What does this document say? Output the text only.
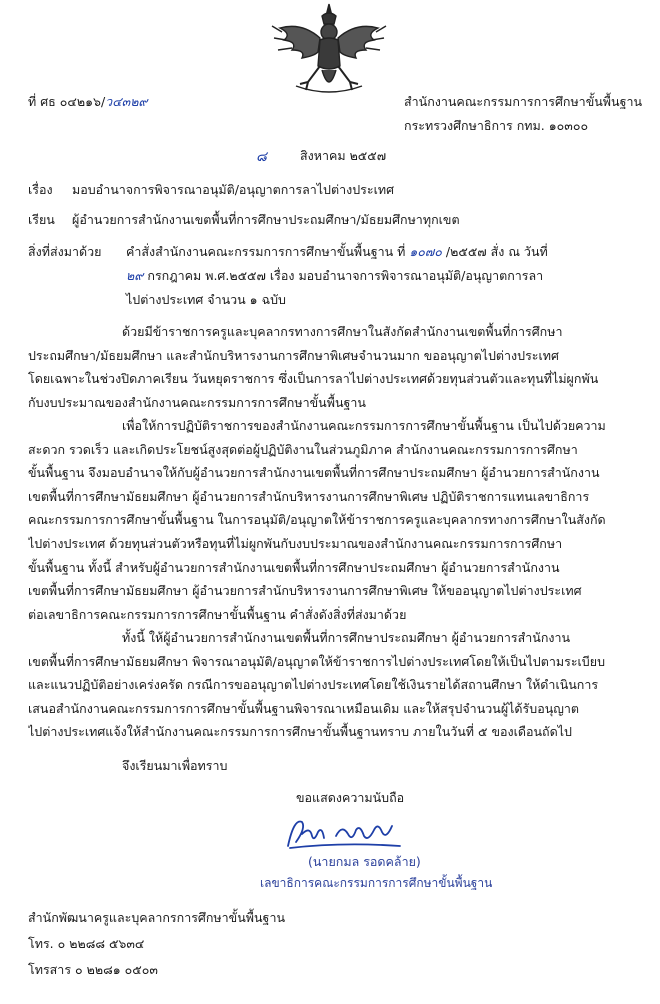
ที่ ศธ ๐๔๒๑๖/ว๔๓๒๙	สำนักงานคณะกรรมการการศึกษาขั้นพื้นฐาน
กระทรวงศึกษาธิการ กทม. ๑๐๓๐๐
๘	สิงหาคม ๒๕๕๗
เรื่อง มอบอำนาจการพิจารณาอนุมัติ/อนุญาตการลาไปต่างประเทศ
เรียน ผู้อำนวยการสำนักงานเขตพื้นที่การศึกษาประถมศึกษา/มัธยมศึกษาทุกเขต
สิ่งที่ส่งมาด้วย คำสั่งสำนักงานคณะกรรมการการศึกษาขั้นพื้นฐาน ที่ ๑๐๗๐ /๒๕๕๗ สั่ง ณ วันที่
๒๙ กรกฎาคม พ.ศ.๒๕๕๗ เรื่อง มอบอำนาจการพิจารณาอนุมัติ/อนุญาตการลา
ไปต่างประเทศ จำนวน ๑ ฉบับ
ด้วยมีข้าราชการครูและบุคลากรทางการศึกษาในสังกัดสำนักงานเขตพื้นที่การศึกษา
ประถมศึกษา/มัธยมศึกษา และสำนักบริหารงานการศึกษาพิเศษจำนวนมาก ขออนุญาตไปต่างประเทศ
โดยเฉพาะในช่วงปิดภาคเรียน วันหยุดราชการ ซึ่งเป็นการลาไปต่างประเทศด้วยทุนส่วนตัวและทุนที่ไม่ผูกพัน
กับงบประมาณของสำนักงานคณะกรรมการการศึกษาขั้นพื้นฐาน
เพื่อให้การปฏิบัติราชการของสำนักงานคณะกรรมการการศึกษาขั้นพื้นฐาน เป็นไปด้วยความ
สะดวก รวดเร็ว และเกิดประโยชน์สูงสุดต่อผู้ปฏิบัติงานในส่วนภูมิภาค สำนักงานคณะกรรมการการศึกษา
ขั้นพื้นฐาน จึงมอบอำนาจให้กับผู้อำนวยการสำนักงานเขตพื้นที่การศึกษาประถมศึกษา ผู้อำนวยการสำนักงาน
เขตพื้นที่การศึกษามัธยมศึกษา ผู้อำนวยการสำนักบริหารงานการศึกษาพิเศษ ปฏิบัติราชการแทนเลขาธิการ
คณะกรรมการการศึกษาขั้นพื้นฐาน ในการอนุมัติ/อนุญาตให้ข้าราชการครูและบุคลากรทางการศึกษาในสังกัด
ไปต่างประเทศ ด้วยทุนส่วนตัวหรือทุนที่ไม่ผูกพันกับงบประมาณของสำนักงานคณะกรรมการการศึกษา
ขั้นพื้นฐาน ทั้งนี้ สำหรับผู้อำนวยการสำนักงานเขตพื้นที่การศึกษาประถมศึกษา ผู้อำนวยการสำนักงาน
เขตพื้นที่การศึกษามัธยมศึกษา ผู้อำนวยการสำนักบริหารงานการศึกษาพิเศษ ให้ขออนุญาตไปต่างประเทศ
ต่อเลขาธิการคณะกรรมการการศึกษาขั้นพื้นฐาน คำสั่งดังสิ่งที่ส่งมาด้วย
ทั้งนี้ ให้ผู้อำนวยการสำนักงานเขตพื้นที่การศึกษาประถมศึกษา ผู้อำนวยการสำนักงาน
เขตพื้นที่การศึกษามัธยมศึกษา พิจารณาอนุมัติ/อนุญาตให้ข้าราชการไปต่างประเทศโดยให้เป็นไปตามระเบียบ
และแนวปฏิบัติอย่างเคร่งครัด กรณีการขออนุญาตไปต่างประเทศโดยใช้เงินรายได้สถานศึกษา ให้ดำเนินการ
เสนอสำนักงานคณะกรรมการการศึกษาขั้นพื้นฐานพิจารณาเหมือนเดิม และให้สรุปจำนวนผู้ได้รับอนุญาต
ไปต่างประเทศแจ้งให้สำนักงานคณะกรรมการการศึกษาขั้นพื้นฐานทราบ ภายในวันที่ ๕ ของเดือนถัดไป
จึงเรียนมาเพื่อทราบ
ขอแสดงความนับถือ
(นายกมล รอดคล้าย)
เลขาธิการคณะกรรมการการศึกษาขั้นพื้นฐาน
สำนักพัฒนาครูและบุคลากรการศึกษาขั้นพื้นฐาน
โทร. ๐ ๒๒๘๘ ๕๖๓๔
โทรสาร ๐ ๒๒๘๑ ๐๕๐๓
